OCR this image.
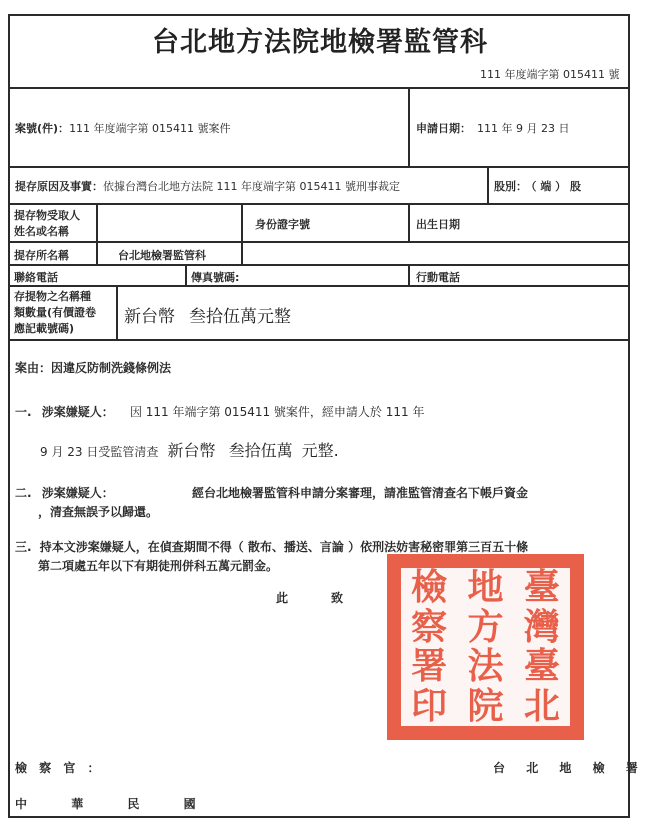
台北地方法院地檢署監管科
111 年度端字第 015411 號
案號(件)：111 年度端字第 015411 號案件	申請日期： 111 年 9 月 23 日
提存原因及事實：依據台灣台北地方法院 111 年度端字第 015411 號刑事裁定	股別： （ 端 ） 股
提存物受取人
姓名或名稱
身份證字號	出生日期
提存所名稱	台北地檢署監管科
聯絡電話	傳真號碼:	行動電話
存提物之名稱種
類數量(有價證卷
應記載號碼)
新台幣 叁拾伍萬元整
案由：因違反防制洗錢條例法
一. 涉案嫌疑人： 因 111 年端字第 015411 號案件，經申請人於 111 年
9 月 23 日受監管清查 新台幣 叁拾伍萬 元整.
二. 涉案嫌疑人：	經台北地檢署監管科申請分案審理，請准監管清查名下帳戶資金
，清查無誤予以歸還。
三. 持本文涉案嫌疑人，在偵查期間不得（ 散布、播送、言論 ）依刑法妨害秘密罪第三百五十條
第二項處五年以下有期徒刑併科五萬元罰金。
此	致 檢
察
署
印
地
方
法
院
臺
灣
臺
北
檢 察 官 ：	台 北 地 檢 署
中	華	民	國
